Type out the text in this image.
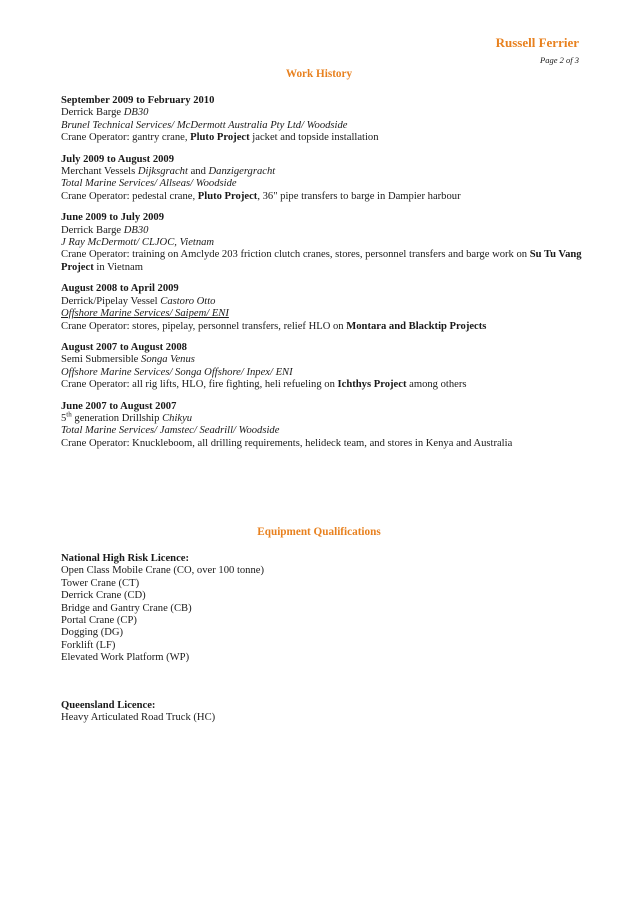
Russell Ferrier
Page 2 of 3
Work History
September 2009 to February 2010
Derrick Barge DB30
Brunel Technical Services/ McDermott Australia Pty Ltd/ Woodside
Crane Operator: gantry crane, Pluto Project jacket and topside installation
July 2009 to August 2009
Merchant Vessels Dijksgracht and Danzigergracht
Total Marine Services/ Allseas/ Woodside
Crane Operator: pedestal crane, Pluto Project, 36" pipe transfers to barge in Dampier harbour
June 2009 to July 2009
Derrick Barge DB30
J Ray McDermott/ CLJOC, Vietnam
Crane Operator: training on Amclyde 203 friction clutch cranes, stores, personnel transfers and barge work on Su Tu Vang Project in Vietnam
August 2008 to April 2009
Derrick/Pipelay Vessel Castoro Otto
Offshore Marine Services/ Saipem/ ENI
Crane Operator: stores, pipelay, personnel transfers, relief HLO on Montara and Blacktip Projects
August 2007 to August 2008
Semi Submersible Songa Venus
Offshore Marine Services/ Songa Offshore/ Inpex/ ENI
Crane Operator: all rig lifts, HLO, fire fighting, heli refueling on Ichthys Project among others
June 2007 to August 2007
5th generation Drillship Chikyu
Total Marine Services/ Jamstec/ Seadrill/ Woodside
Crane Operator: Knuckleboom, all drilling requirements, helideck team, and stores in Kenya and Australia
Equipment Qualifications
National High Risk Licence:
Open Class Mobile Crane (CO, over 100 tonne)
Tower Crane (CT)
Derrick Crane (CD)
Bridge and Gantry Crane (CB)
Portal Crane (CP)
Dogging (DG)
Forklift (LF)
Elevated Work Platform (WP)
Queensland Licence:
Heavy Articulated Road Truck (HC)
